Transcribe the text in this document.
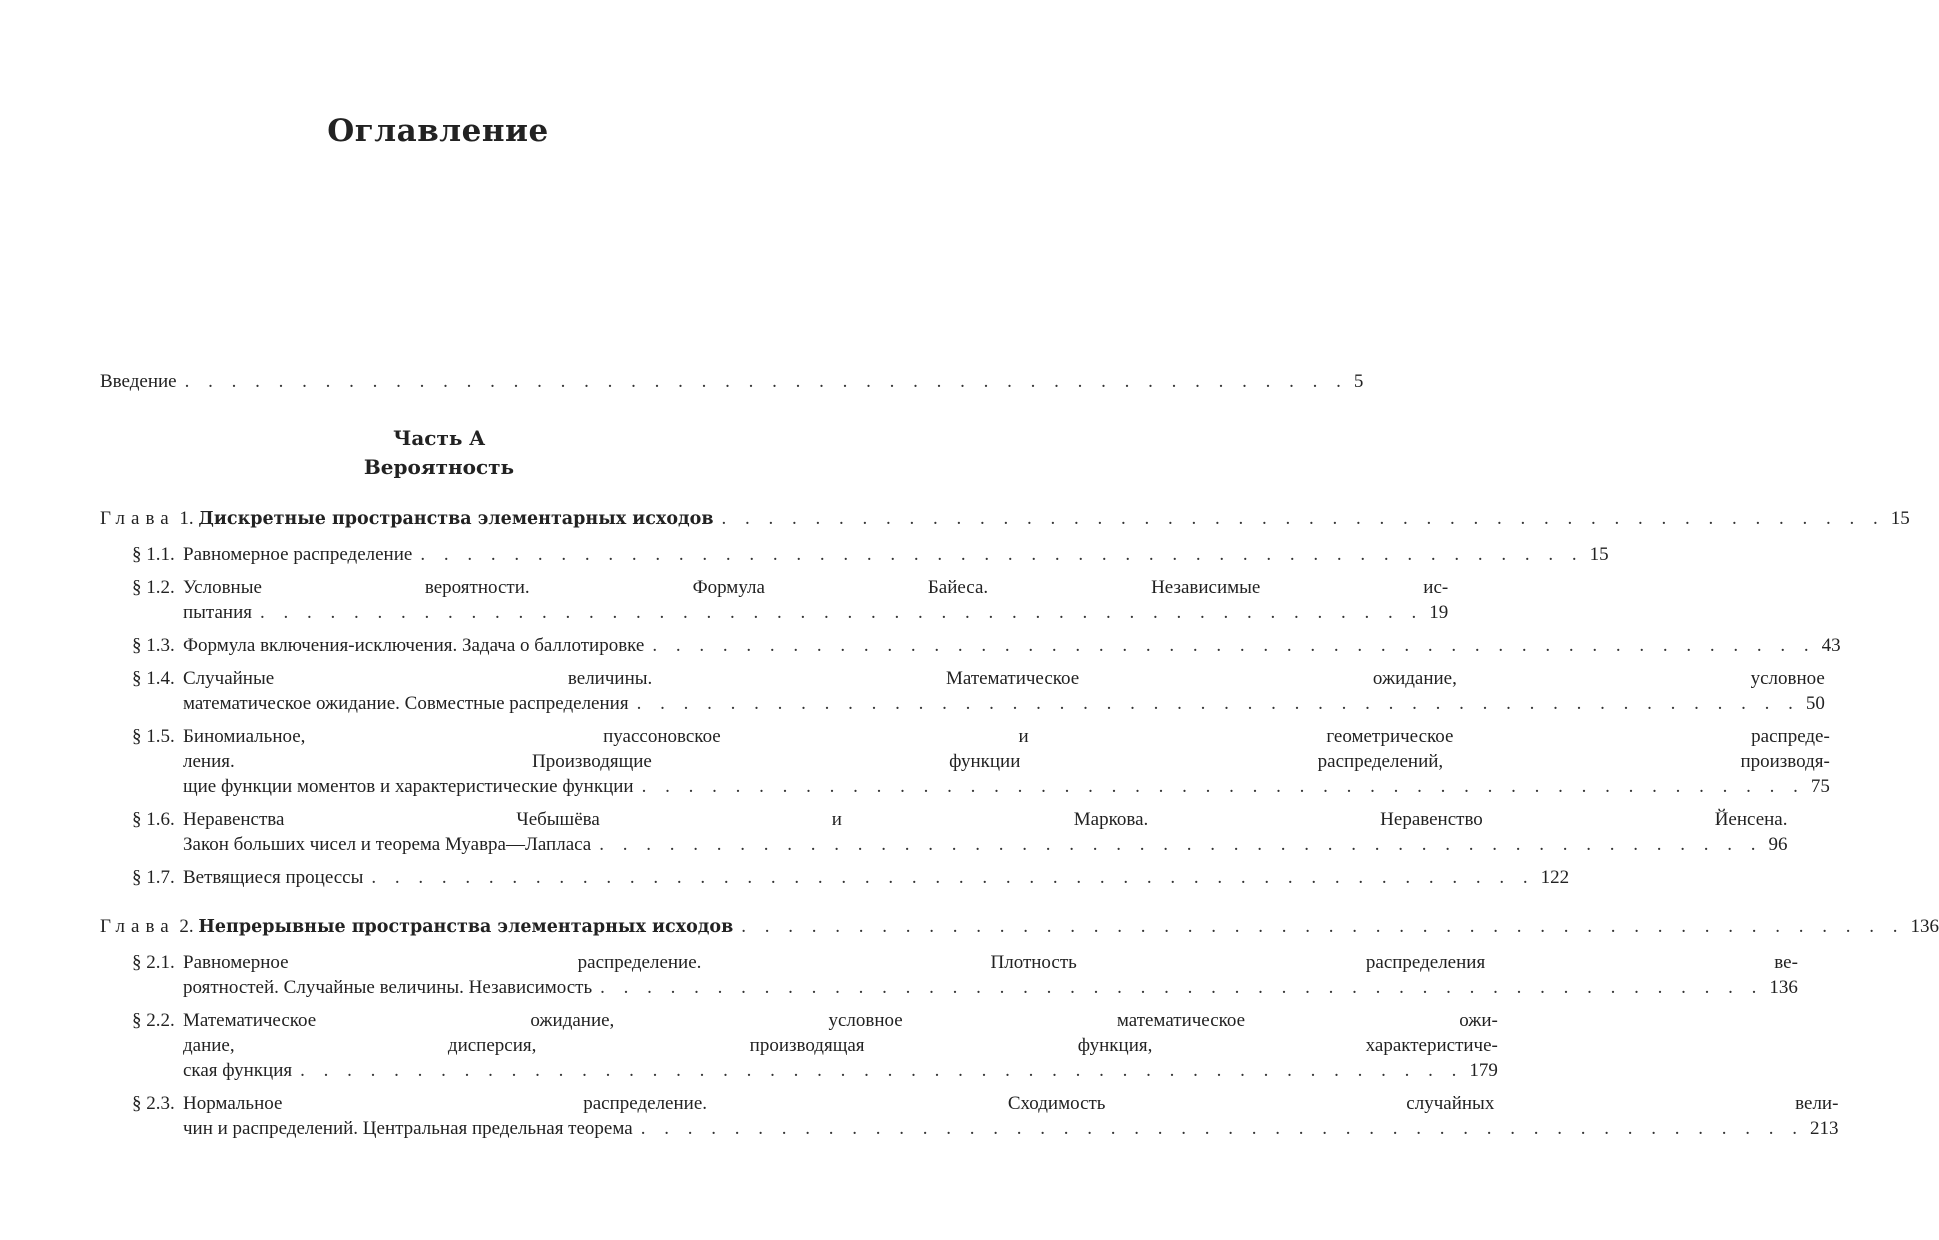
Оглавление
Введение . . . . . . . . . . . . . . . . . . . . . . . . . . . . . . . . . . . . . . . . . . . . . . . . . . 5
Часть A
Вероятность
Глава 1. Дискретные пространства элементарных исходов . . . . . . . . . . . . . . . . . . . . . . . . . . . . . . . . . . . . . . . . . . . . . . . . . . 15
§ 1.1. Равномерное распределение . . . . . . . . . . . . . . . . . . . . . . . . . . . . . . . . . . . . . . . . . . . . . . . . . . 15
§ 1.2. Условные вероятности. Формула Байеса. Независимые ис-
пытания . . . . . . . . . . . . . . . . . . . . . . . . . . . . . . . . . . . . . . . . . . . . . . . . . . 19
§ 1.3. Формула включения-исключения. Задача о баллотировке . . . . . . . . . . . . . . . . . . . . . . . . . . . . . . . . . . . . . . . . . . . . . . . . . . 43
§ 1.4. Случайные величины. Математическое ожидание, условное
математическое ожидание. Совместные распределения . . . . . . . . . . . . . . . . . . . . . . . . . . . . . . . . . . . . . . . . . . . . . . . . . . 50
§ 1.5. Биномиальное, пуассоновское и геометрическое распреде-
ления. Производящие функции распределений, производя-
щие функции моментов и характеристические функции . . . . . . . . . . . . . . . . . . . . . . . . . . . . . . . . . . . . . . . . . . . . . . . . . . 75
§ 1.6. Неравенства Чебышёва и Маркова. Неравенство Йенсена.
Закон больших чисел и теорема Муавра—Лапласа . . . . . . . . . . . . . . . . . . . . . . . . . . . . . . . . . . . . . . . . . . . . . . . . . . 96
§ 1.7. Ветвящиеся процессы . . . . . . . . . . . . . . . . . . . . . . . . . . . . . . . . . . . . . . . . . . . . . . . . . . 122
Глава 2. Непрерывные пространства элементарных исходов . . . . . . . . . . . . . . . . . . . . . . . . . . . . . . . . . . . . . . . . . . . . . . . . . . 136
§ 2.1. Равномерное распределение. Плотность распределения ве-
роятностей. Случайные величины. Независимость . . . . . . . . . . . . . . . . . . . . . . . . . . . . . . . . . . . . . . . . . . . . . . . . . . 136
§ 2.2. Математическое ожидание, условное математическое ожи-
дание, дисперсия, производящая функция, характеристиче-
ская функция . . . . . . . . . . . . . . . . . . . . . . . . . . . . . . . . . . . . . . . . . . . . . . . . . . 179
§ 2.3. Нормальное распределение. Сходимость случайных вели-
чин и распределений. Центральная предельная теорема . . . . . . . . . . . . . . . . . . . . . . . . . . . . . . . . . . . . . . . . . . . . . . . . . . 213
